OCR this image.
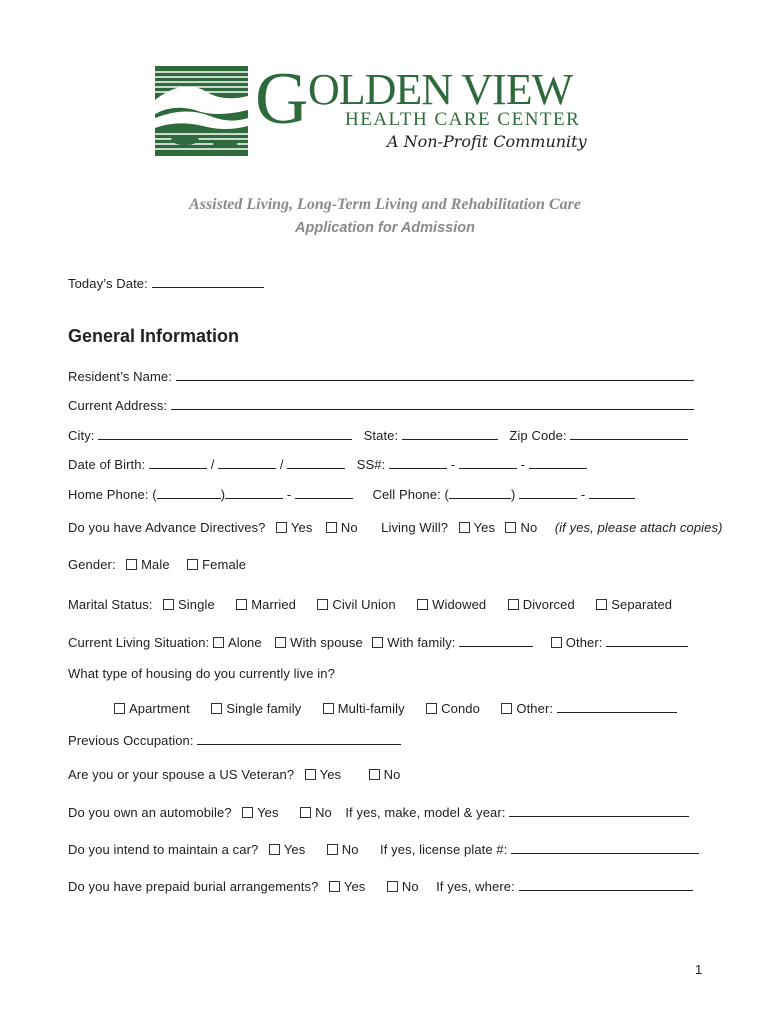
G OLDEN VIEW
HEALTH CARE CENTER
A Non-Profit Community
Assisted Living, Long-Term Living and Rehabilitation Care
Application for Admission
Today’s Date:
General Information
Resident’s Name:
Current Address:
City:	State:	Zip Code:
Date of Birth:	/	/	SS#:	-	-
Home Phone: (	)	-	Cell Phone: (	)	-
Do you have Advance Directives? Yes No Living Will? Yes No (if yes, please attach copies)
Gender: Male Female
Marital Status: Single	Married	Civil Union	Widowed	Divorced	Separated
Current Living Situation: Alone With spouse With family:	Other:
What type of housing do you currently live in?
Apartment	Single family	Multi-family	Condo	Other:
Previous Occupation:
Are you or your spouse a US Veteran? Yes	No
Do you own an automobile? Yes	No If yes, make, model & year:
Do you intend to maintain a car? Yes	No If yes, license plate #:
Do you have prepaid burial arrangements? Yes	No If yes, where:
1
